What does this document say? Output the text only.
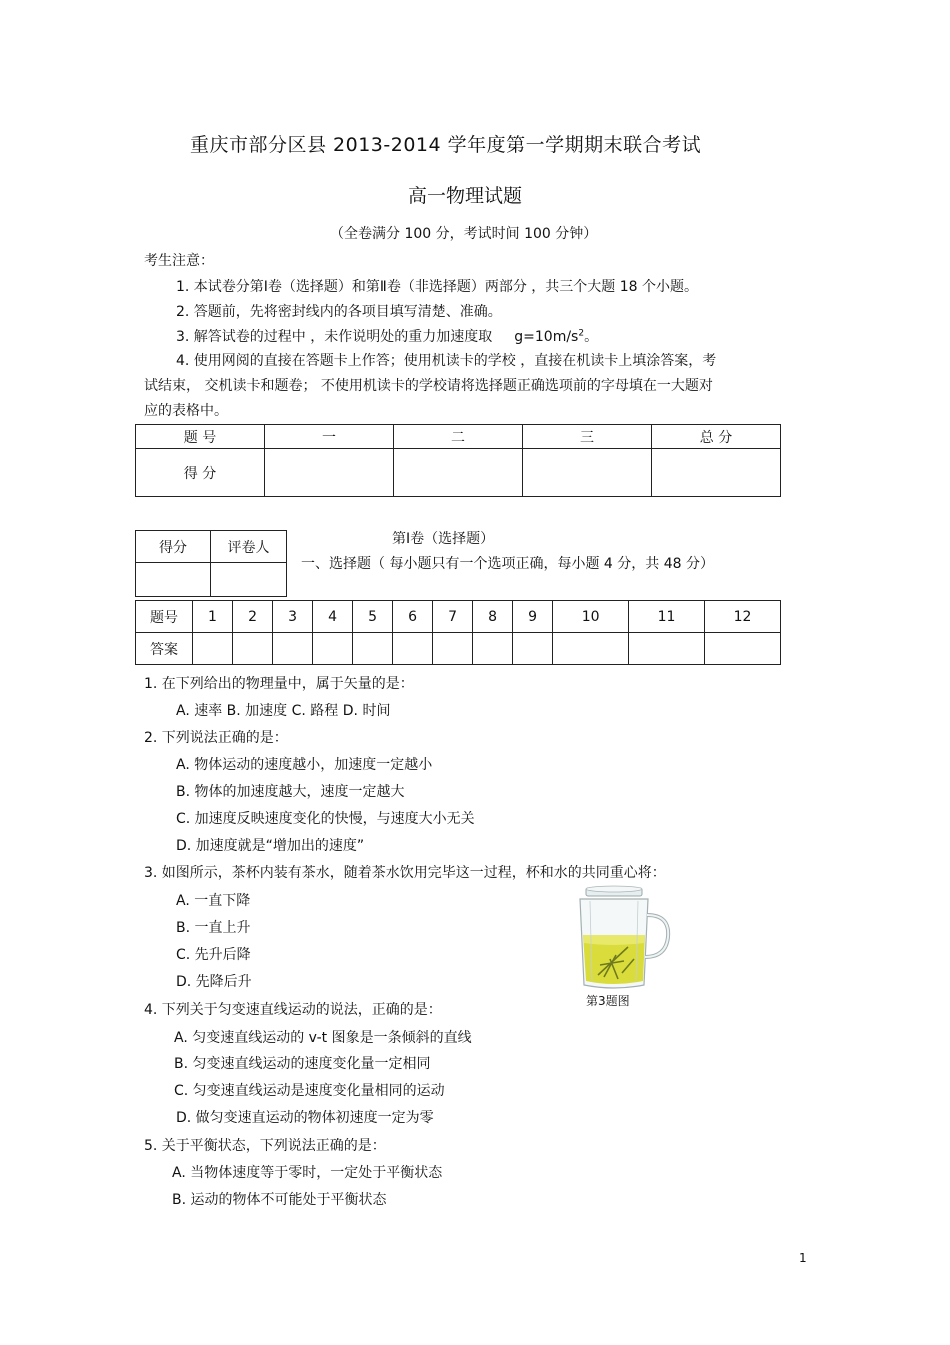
重庆市部分区县 2013-2014 学年度第一学期期末联合考试
高一物理试题
（全卷满分 100 分，考试时间 100 分钟）
考生注意：
1. 本试卷分第Ⅰ卷（选择题）和第Ⅱ卷（非选择题）两部分 ，共三个大题 18 个小题。
2. 答题前，先将密封线内的各项目填写清楚、准确。
3. 解答试卷的过程中 ，未作说明处的重力加速度取 $g=10m/s^2$。
4. 使用网阅的直接在答题卡上作答；使用机读卡的学校 ，直接在机读卡上填涂答案，考
试结束， 交机读卡和题卷； 不使用机读卡的学校请将选择题正确选项前的字母填在一大题对
应的表格中。
题 号	一	二	三	总 分
得 分				
得分	评卷人

第Ⅰ卷（选择题）
一、选择题（ 每小题只有一个选项正确，每小题 4 分，共 48 分）
题号	1	2	3	4	5	6	7	8	9	10	11	12
答案												
1. 在下列给出的物理量中，属于矢量的是：
A. 速率 B. 加速度 C. 路程 D. 时间
2. 下列说法正确的是：
A. 物体运动的速度越小，加速度一定越小
B. 物体的加速度越大，速度一定越大
C. 加速度反映速度变化的快慢，与速度大小无关
D. 加速度就是“增加出的速度”
3. 如图所示，茶杯内装有茶水，随着茶水饮用完毕这一过程，杯和水的共同重心将：
A. 一直下降
B. 一直上升
C. 先升后降
D. 先降后升
第3题图
4. 下列关于匀变速直线运动的说法，正确的是：
A. 匀变速直线运动的 v-t 图象是一条倾斜的直线
B. 匀变速直线运动的速度变化量一定相同
C. 匀变速直线运动是速度变化量相同的运动
D. 做匀变速直运动的物体初速度一定为零
5. 关于平衡状态，下列说法正确的是：
A. 当物体速度等于零时，一定处于平衡状态
B. 运动的物体不可能处于平衡状态
1
